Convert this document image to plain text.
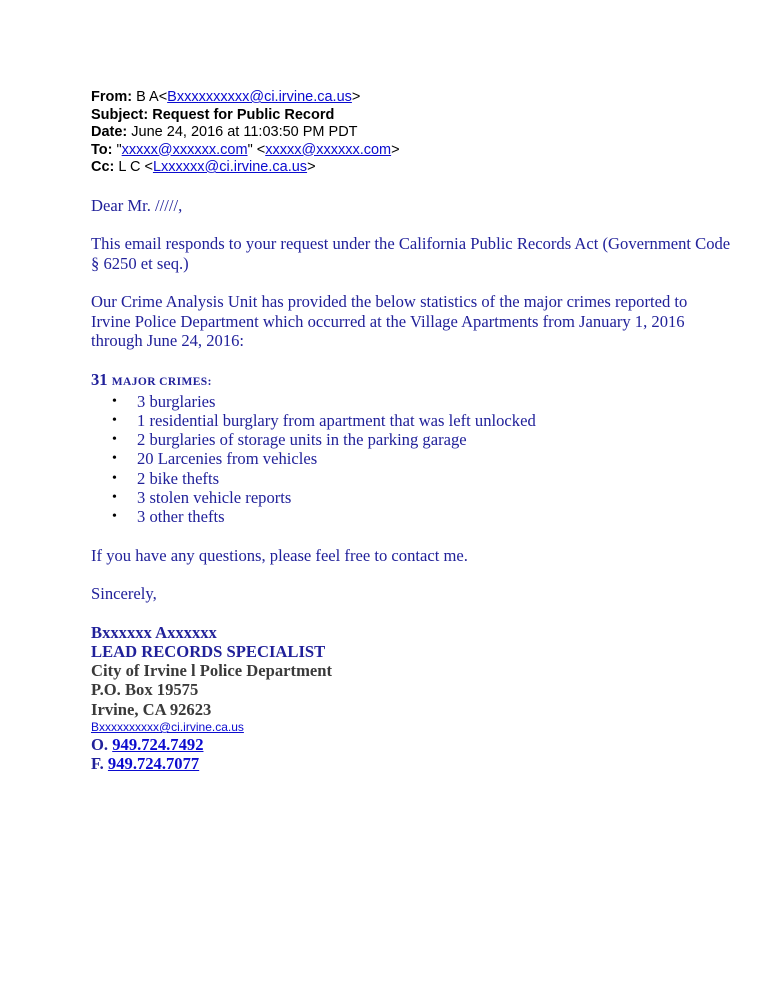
From: B A<Bxxxxxxxxxx@ci.irvine.ca.us>
Subject: Request for Public Record
Date: June 24, 2016 at 11:03:50 PM PDT
To: "xxxxx@xxxxxx.com" <xxxxx@xxxxxx.com>
Cc: L C <Lxxxxxx@ci.irvine.ca.us>
Dear Mr. /////,
This email responds to your request under the California Public Records Act (Government Code § 6250 et seq.)
Our Crime Analysis Unit has provided the below statistics of the major crimes reported to Irvine Police Department which occurred at the Village Apartments from January 1, 2016 through June 24, 2016:
31 MAJOR CRIMES:
• 3 burglaries
• 1 residential burglary from apartment that was left unlocked
• 2 burglaries of storage units in the parking garage
• 20 Larcenies from vehicles
• 2 bike thefts
• 3 stolen vehicle reports
• 3 other thefts
If you have any questions, please feel free to contact me.
Sincerely,
Bxxxxxx Axxxxxx
LEAD RECORDS SPECIALIST
City of Irvine l Police Department
P.O. Box 19575
Irvine, CA 92623
Bxxxxxxxxxx@ci.irvine.ca.us
O. 949.724.7492
F. 949.724.7077
